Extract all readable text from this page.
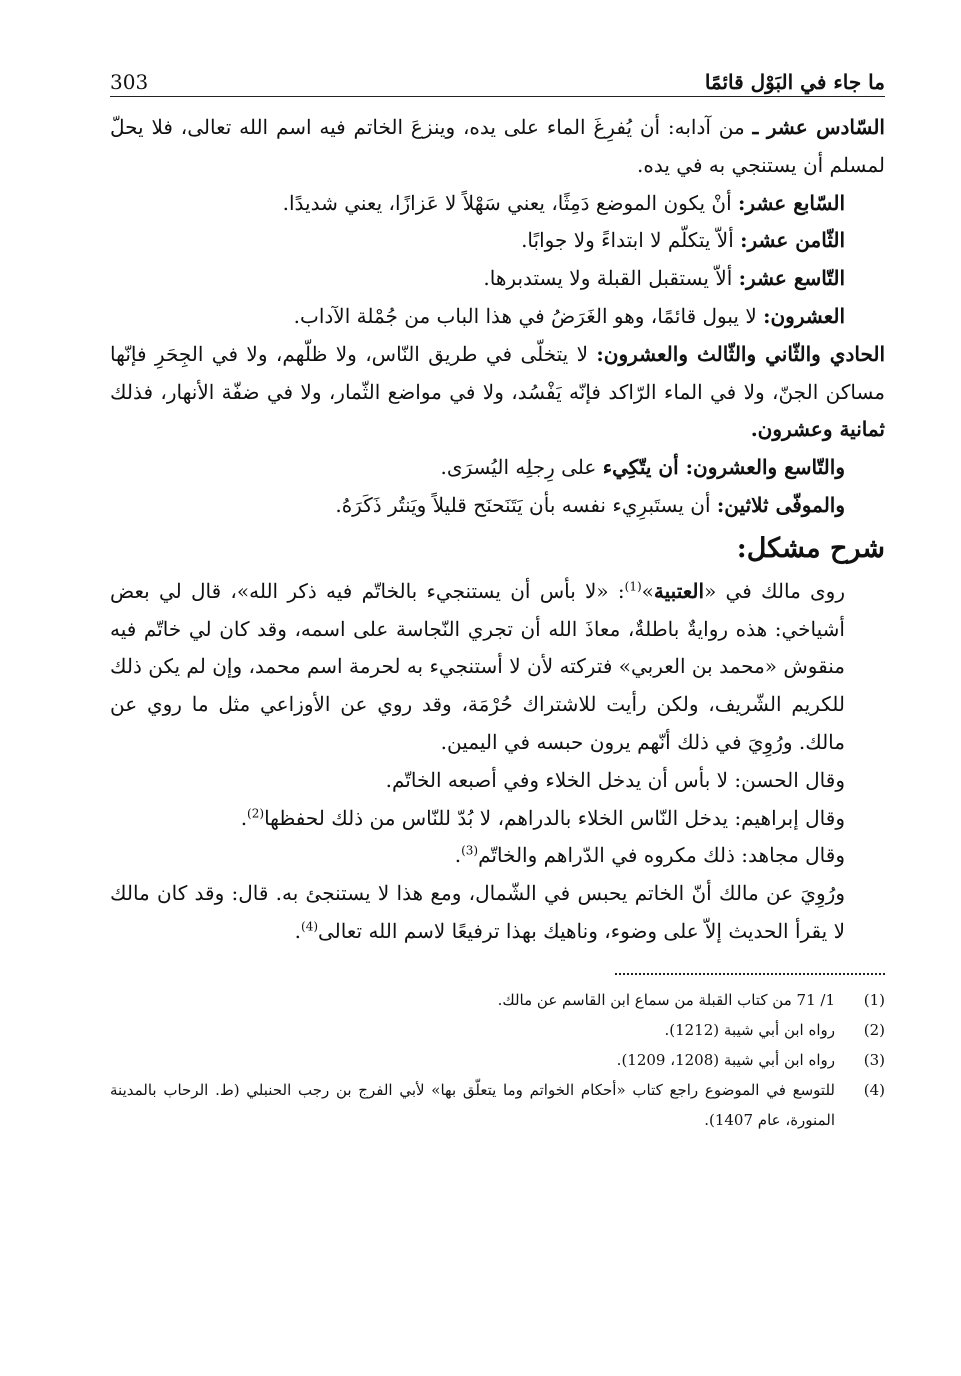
ما جاء في البَوْل قائمًا
303

السّادس عشر ـ من آدابه: أن يُفرِغَ الماء على يده، وينزعَ الخاتم فيه اسم الله تعالى، فلا يحلّ لمسلم أن يستنجي به في يده.

السّابع عشر: أنْ يكون الموضع دَمِثًا، يعني سَهْلاً لا عَزازًا، يعني شديدًا.

الثّامن عشر: ألاّ يتكلّم لا ابتداءً ولا جوابًا.

التّاسع عشر: ألاّ يستقبل القبلة ولا يستدبرها.

العشرون: لا يبول قائمًا، وهو الغَرَضُ في هذا الباب من جُمْلة الآداب.

الحادي والثّاني والثّالث والعشرون: لا يتخلّى في طريق النّاس، ولا ظلّهم، ولا في الجِحَرِ فإنّها مساكن الجنّ، ولا في الماء الرّاكد فإنّه يَفْسُد، ولا في مواضع الثّمار، ولا في ضفّة الأنهار، فذلك ثمانية وعشرون.

والتّاسع والعشرون: أن يتّكِيء على رِجلِه اليُسرَى.

والموفّى ثلاثين: أن يستَبرِيء نفسه بأن يَتَنَحنَح قليلاً ويَنتُر ذَكَرَهُ.

شرح مشكل:

روى مالك في «العتبية»$^{(1)}$: «لا بأس أن يستنجيء بالخاتّم فيه ذكر الله»، قال لي بعض أشياخي: هذه روايةٌ باطلةٌ، معاذَ الله أن تجري النّجاسة على اسمه، وقد كان لي خاتّم فيه منقوش «محمد بن العربي» فتركته لأن لا أستنجيء به لحرمة اسم محمد، وإن لم يكن ذلك للكريم الشّريف، ولكن رأيت للاشتراك حُرْمَة، وقد روي عن الأوزاعي مثل ما روي عن مالك. ورُوِيَ في ذلك أنّهم يرون حبسه في اليمين.

وقال الحسن: لا بأس أن يدخل الخلاء وفي أصبعه الخاتّم.

وقال إبراهيم: يدخل النّاس الخلاء بالدراهم، لا بُدّ للنّاس من ذلك لحفظها$^{(2)}$.

وقال مجاهد: ذلك مكروه في الدّراهم والخاتّم$^{(3)}$.

ورُوِيَ عن مالك أنّ الخاتم يحبس في الشّمال، ومع هذا لا يستنجئ به. قال: وقد كان مالك لا يقرأ الحديث إلاّ على وضوء، وناهيك بهذا ترفيعًا لاسم الله تعالى$^{(4)}$.

(1)
1/ 71 من كتاب القبلة من سماع ابن القاسم عن مالك.
(2)
رواه ابن أبي شيبة (1212).
(3)
رواه ابن أبي شيبة (1208، 1209).
(4)
للتوسع في الموضوع راجع كتاب «أحكام الخواتم وما يتعلّق بها» لأبي الفرج بن رجب الحنبلي (ط. الرحاب بالمدينة المنورة، عام 1407).
